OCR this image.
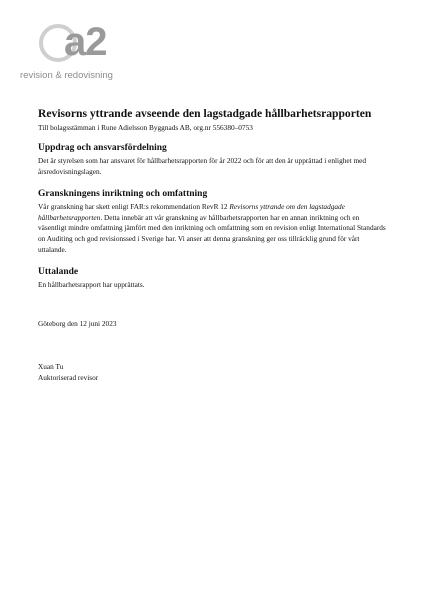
a2
revision & redovisning
Revisorns yttrande avseende den lagstadgade hållbarhetsrapporten
Till bolagsstämman i Rune Adielsson Byggnads AB, org.nr 556380–0753
Uppdrag och ansvarsfördelning

Det är styrelsen som har ansvaret för hållbarhetsrapporten för år 2022 och för att den är upprättad i enlighet med årsredovisningslagen.

Granskningens inriktning och omfattning

Vår granskning har skett enligt FAR:s rekommendation RevR 12 Revisorns yttrande om den lagstadgade hållbarhetsrapporten. Detta innebär att vår granskning av hållbarhetsrapporten har en annan inriktning och en väsentligt mindre omfattning jämfört med den inriktning och omfattning som en revision enligt International Standards on Auditing och god revisionssed i Sverige har. Vi anser att denna granskning ger oss tillräcklig grund för vårt uttalande.

Uttalande

En hållbarhetsrapport har upprättats.

Göteborg den 12 juni 2023
Xuan Tu
Auktoriserad revisor
